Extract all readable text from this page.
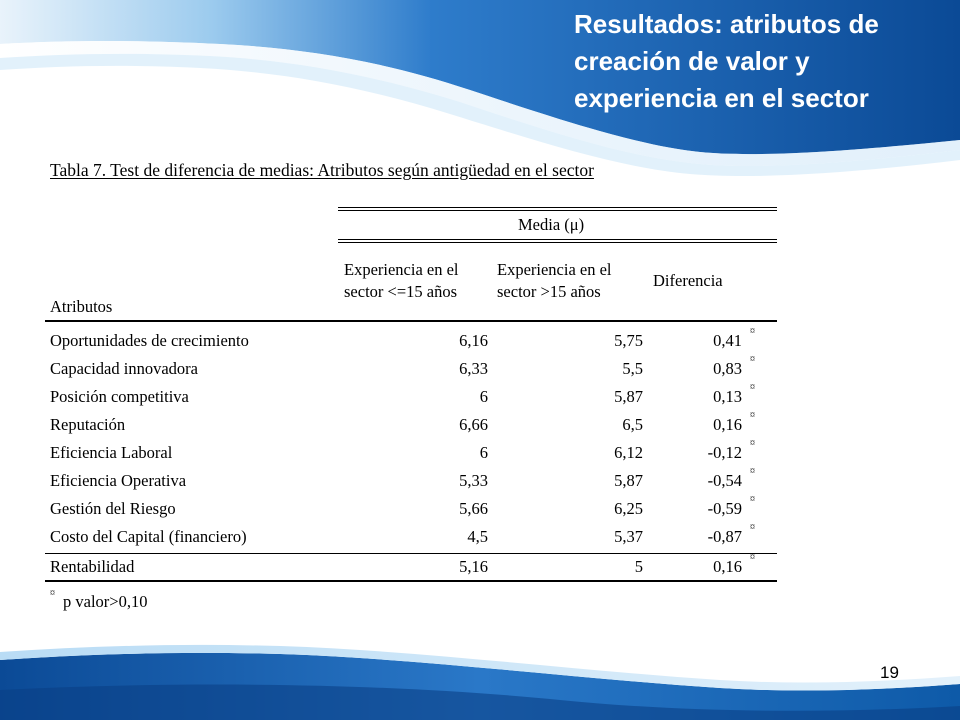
Resultados: atributos de
creación de valor y
experiencia en el sector
Tabla 7. Test de diferencia de medias: Atributos según antigüedad en el sector
Media (μ)
Experiencia en el
sector <=15 años
Experiencia en el
sector >15 años
Diferencia
Atributos
Oportunidades de crecimiento	6,16	5,75	0,41 ¤
Capacidad innovadora	6,33	5,5	0,83 ¤
Posición competitiva	6	5,87	0,13 ¤
Reputación	6,66	6,5	0,16 ¤
Eficiencia Laboral	6	6,12	-0,12 ¤
Eficiencia Operativa	5,33	5,87	-0,54 ¤
Gestión del Riesgo	5,66	6,25	-0,59 ¤
Costo del Capital (financiero)	4,5	5,37	-0,87 ¤
Rentabilidad	5,16	5	0,16 ¤
¤ p valor>0,10
19
